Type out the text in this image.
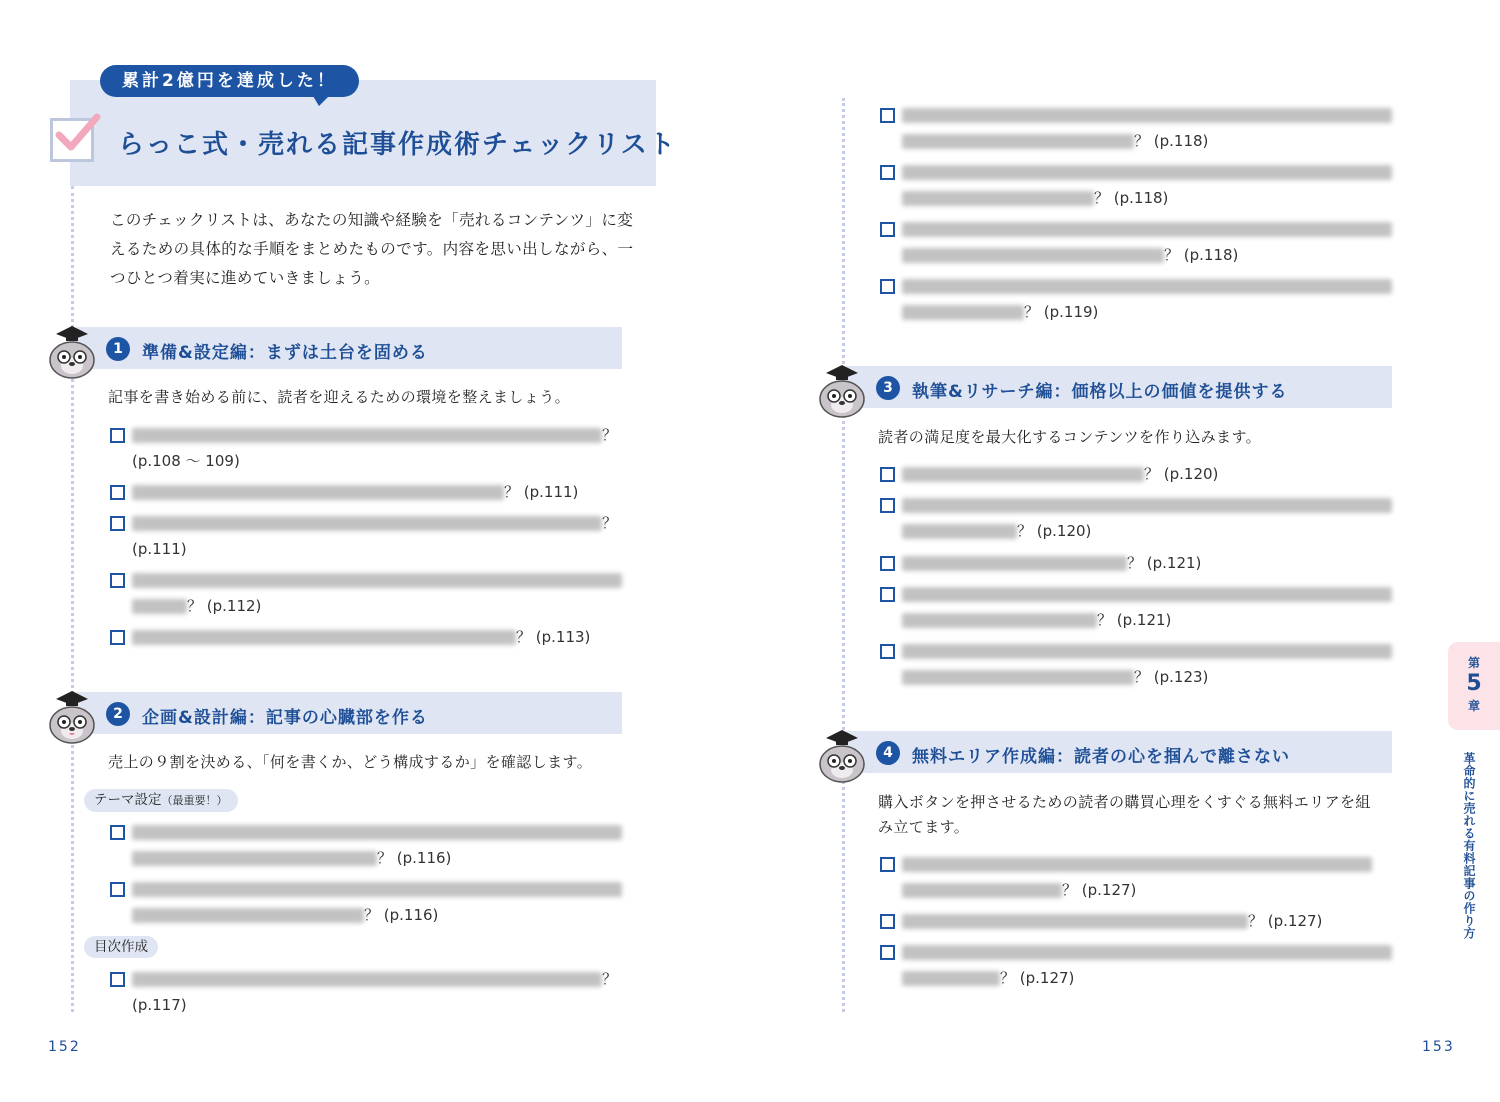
累計2億円を達成した！
らっこ式・売れる記事作成術チェックリスト
このチェックリストは、あなたの知識や経験を「売れるコンテンツ」に変
えるための具体的な手順をまとめたものです。内容を思い出しながら、一
つひとつ着実に進めていきましょう。
1	準備&設定編：まずは土台を固める
記事を書き始める前に、読者を迎えるための環境を整えましょう。
？
(p.108 ～ 109)
？ (p.111)
？
(p.111)

？ (p.112)
？ (p.113)
2	企画&設計編：記事の心臓部を作る
売上の９割を決める、「何を書くか、どう構成するか」を確認します。
テーマ設定（最重要！）

？ (p.116)

？ (p.116)
目次作成
？
(p.117)
152

？ (p.118)

？ (p.118)

？ (p.118)

？ (p.119)
3	執筆&リサーチ編：価格以上の価値を提供する
読者の満足度を最大化するコンテンツを作り込みます。
？ (p.120)

？ (p.120)
？ (p.121)

？ (p.121)

？ (p.123)
4	無料エリア作成編：読者の心を掴んで離さない
購入ボタンを押させるための読者の購買心理をくすぐる無料エリアを組
み立てます。

？ (p.127)
？ (p.127)

？ (p.127)
153
第
5
章
革命的に売れる有料記事の作り方
